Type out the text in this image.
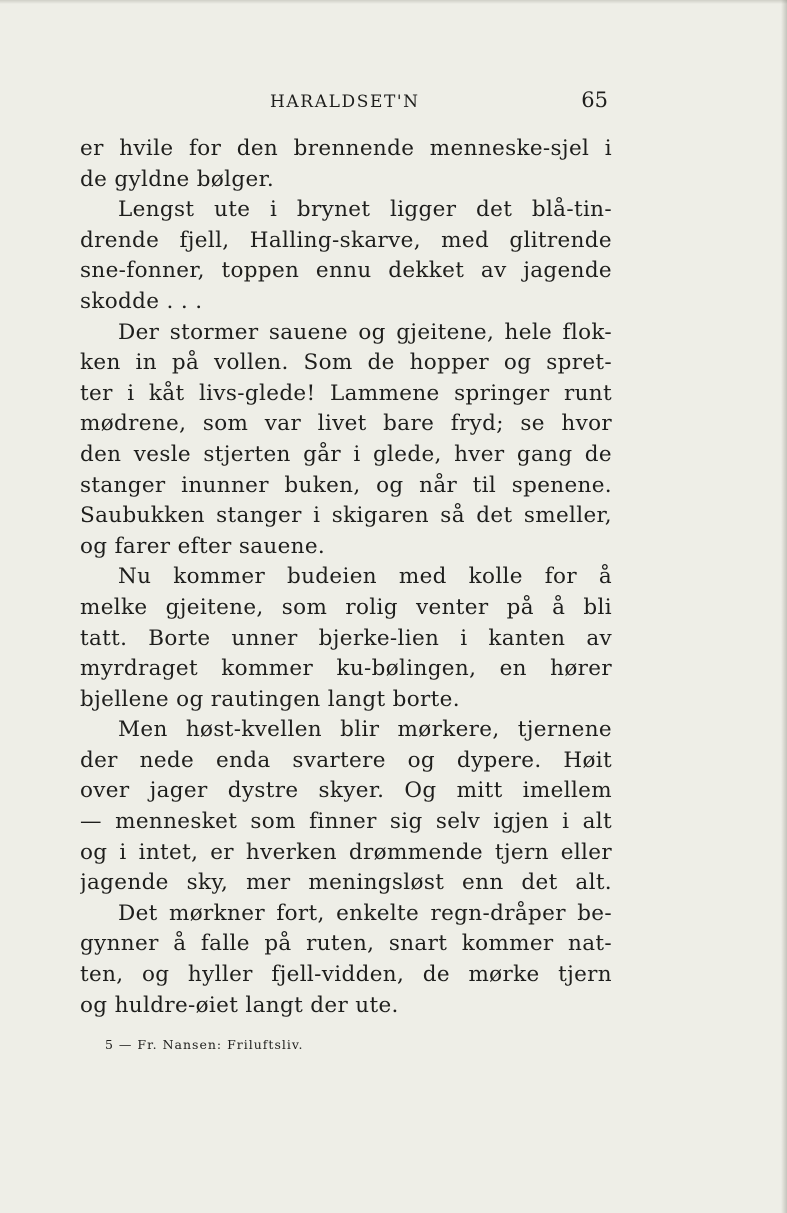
HARALDSET'N	65
er hvile for den brennende menneske-sjel i
de gyldne bølger.
Lengst ute i brynet ligger det blå-tin-
drende fjell, Halling-skarve, med glitrende
sne-fonner, toppen ennu dekket av jagende
skodde . . .
Der stormer sauene og gjeitene, hele flok-
ken in på vollen. Som de hopper og spret-
ter i kåt livs-glede! Lammene springer runt
mødrene, som var livet bare fryd; se hvor
den vesle stjerten går i glede, hver gang de
stanger inunner buken, og når til spenene.
Saubukken stanger i skigaren så det smeller,
og farer efter sauene.
Nu kommer budeien med kolle for å
melke gjeitene, som rolig venter på å bli
tatt. Borte unner bjerke-lien i kanten av
myrdraget kommer ku-bølingen, en hører
bjellene og rautingen langt borte.
Men høst-kvellen blir mørkere, tjernene
der nede enda svartere og dypere. Høit
over jager dystre skyer. Og mitt imellem
— mennesket som finner sig selv igjen i alt
og i intet, er hverken drømmende tjern eller
jagende sky, mer meningsløst enn det alt.
Det mørkner fort, enkelte regn-dråper be-
gynner å falle på ruten, snart kommer nat-
ten, og hyller fjell-vidden, de mørke tjern
og huldre-øiet langt der ute.
5 — Fr. Nansen: Friluftsliv.
